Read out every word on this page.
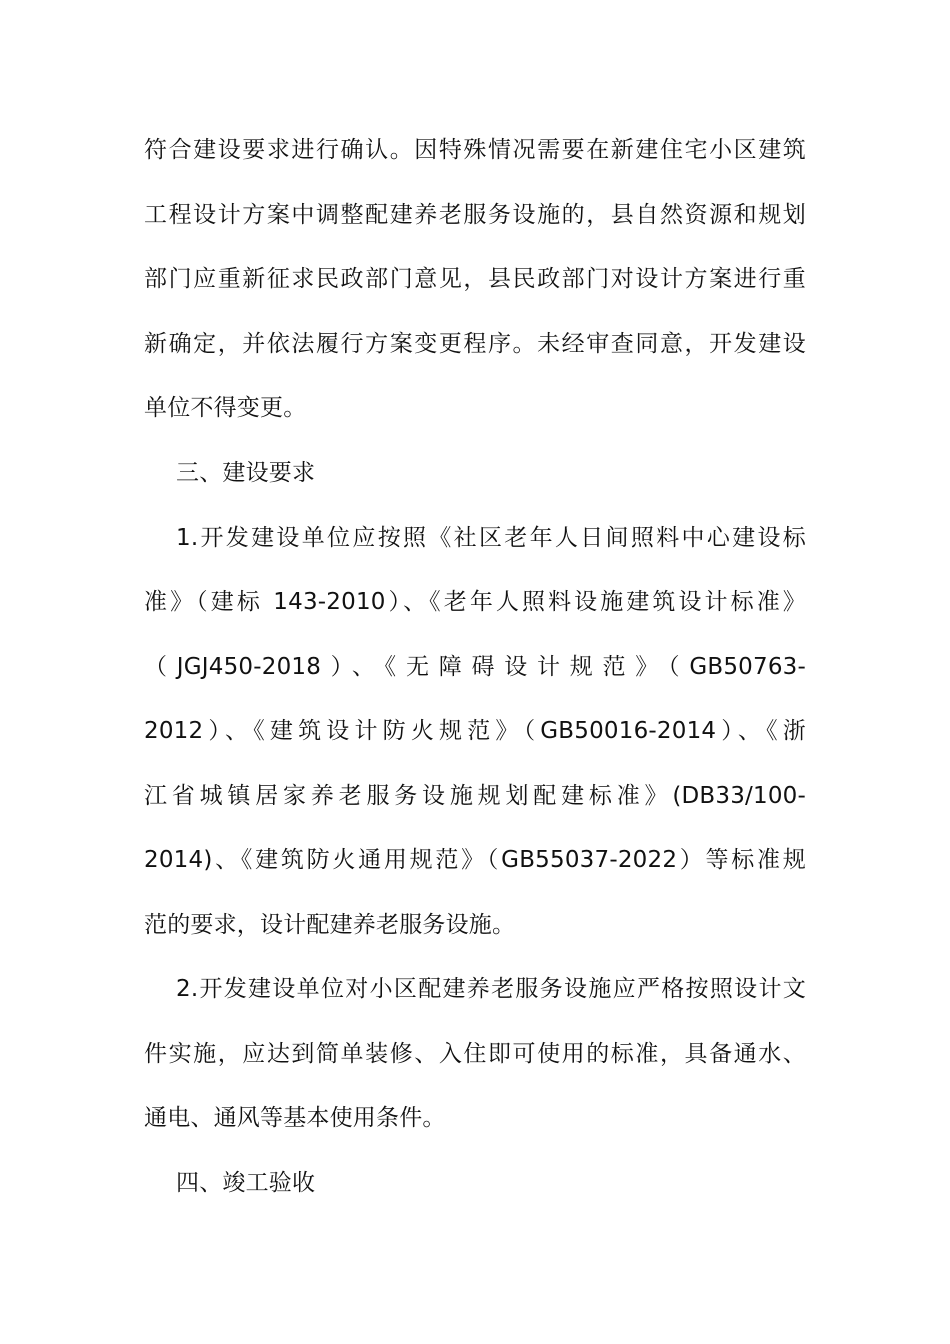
符合建设要求进行确认。因特殊情况需要在新建住宅小区建筑
工程设计方案中调整配建养老服务设施的，县自然资源和规划
部门应重新征求民政部门意见，县民政部门对设计方案进行重
新确定，并依法履行方案变更程序。未经审查同意，开发建设
单位不得变更。
三、建设要求
1.开发建设单位应按照《社区老年人日间照料中心建设标
准》（建标 143-2010）、《老年人照料设施建筑设计标准》
（JGJ450-2018）、《无障碍设计规范》（GB50763-
2012）、《建筑设计防火规范》（GB50016-2014）、《浙
江省城镇居家养老服务设施规划配建标准》(DB33/100-
2014)、《建筑防火通用规范》（GB55037-2022）等标准规
范的要求，设计配建养老服务设施。
2.开发建设单位对小区配建养老服务设施应严格按照设计文
件实施，应达到简单装修、入住即可使用的标准，具备通水、
通电、通风等基本使用条件。
四、竣工验收
